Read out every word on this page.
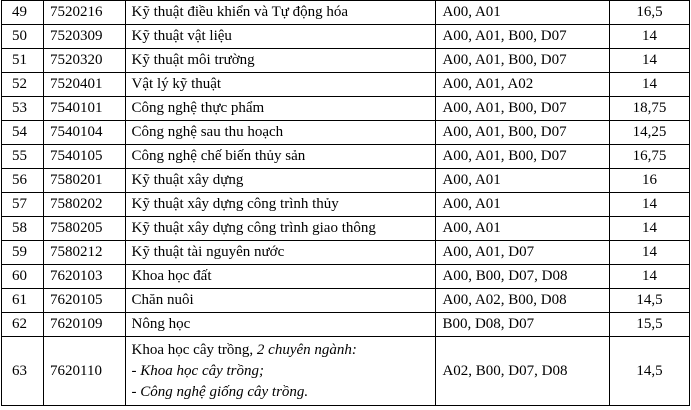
49	7520216	Kỹ thuật điều khiển và Tự động hóa	A00, A01	16,5
50	7520309	Kỹ thuật vật liệu	A00, A01, B00, D07	14
51	7520320	Kỹ thuật môi trường	A00, A01, B00, D07	14
52	7520401	Vật lý kỹ thuật	A00, A01, A02	14
53	7540101	Công nghệ thực phẩm	A00, A01, B00, D07	18,75
54	7540104	Công nghệ sau thu hoạch	A00, A01, B00, D07	14,25
55	7540105	Công nghệ chế biến thủy sản	A00, A01, B00, D07	16,75
56	7580201	Kỹ thuật xây dựng	A00, A01	16
57	7580202	Kỹ thuật xây dựng công trình thủy	A00, A01	14
58	7580205	Kỹ thuật xây dựng công trình giao thông	A00, A01	14
59	7580212	Kỹ thuật tài nguyên nước	A00, A01, D07	14
60	7620103	Khoa học đất	A00, B00, D07, D08	14
61	7620105	Chăn nuôi	A00, A02, B00, D08	14,5
62	7620109	Nông học	B00, D08, D07	15,5
63	7620110	Khoa học cây trồng, 2 chuyên ngành:
- Khoa học cây trồng;
- Công nghệ giống cây trồng.	A02, B00, D07, D08	14,5
